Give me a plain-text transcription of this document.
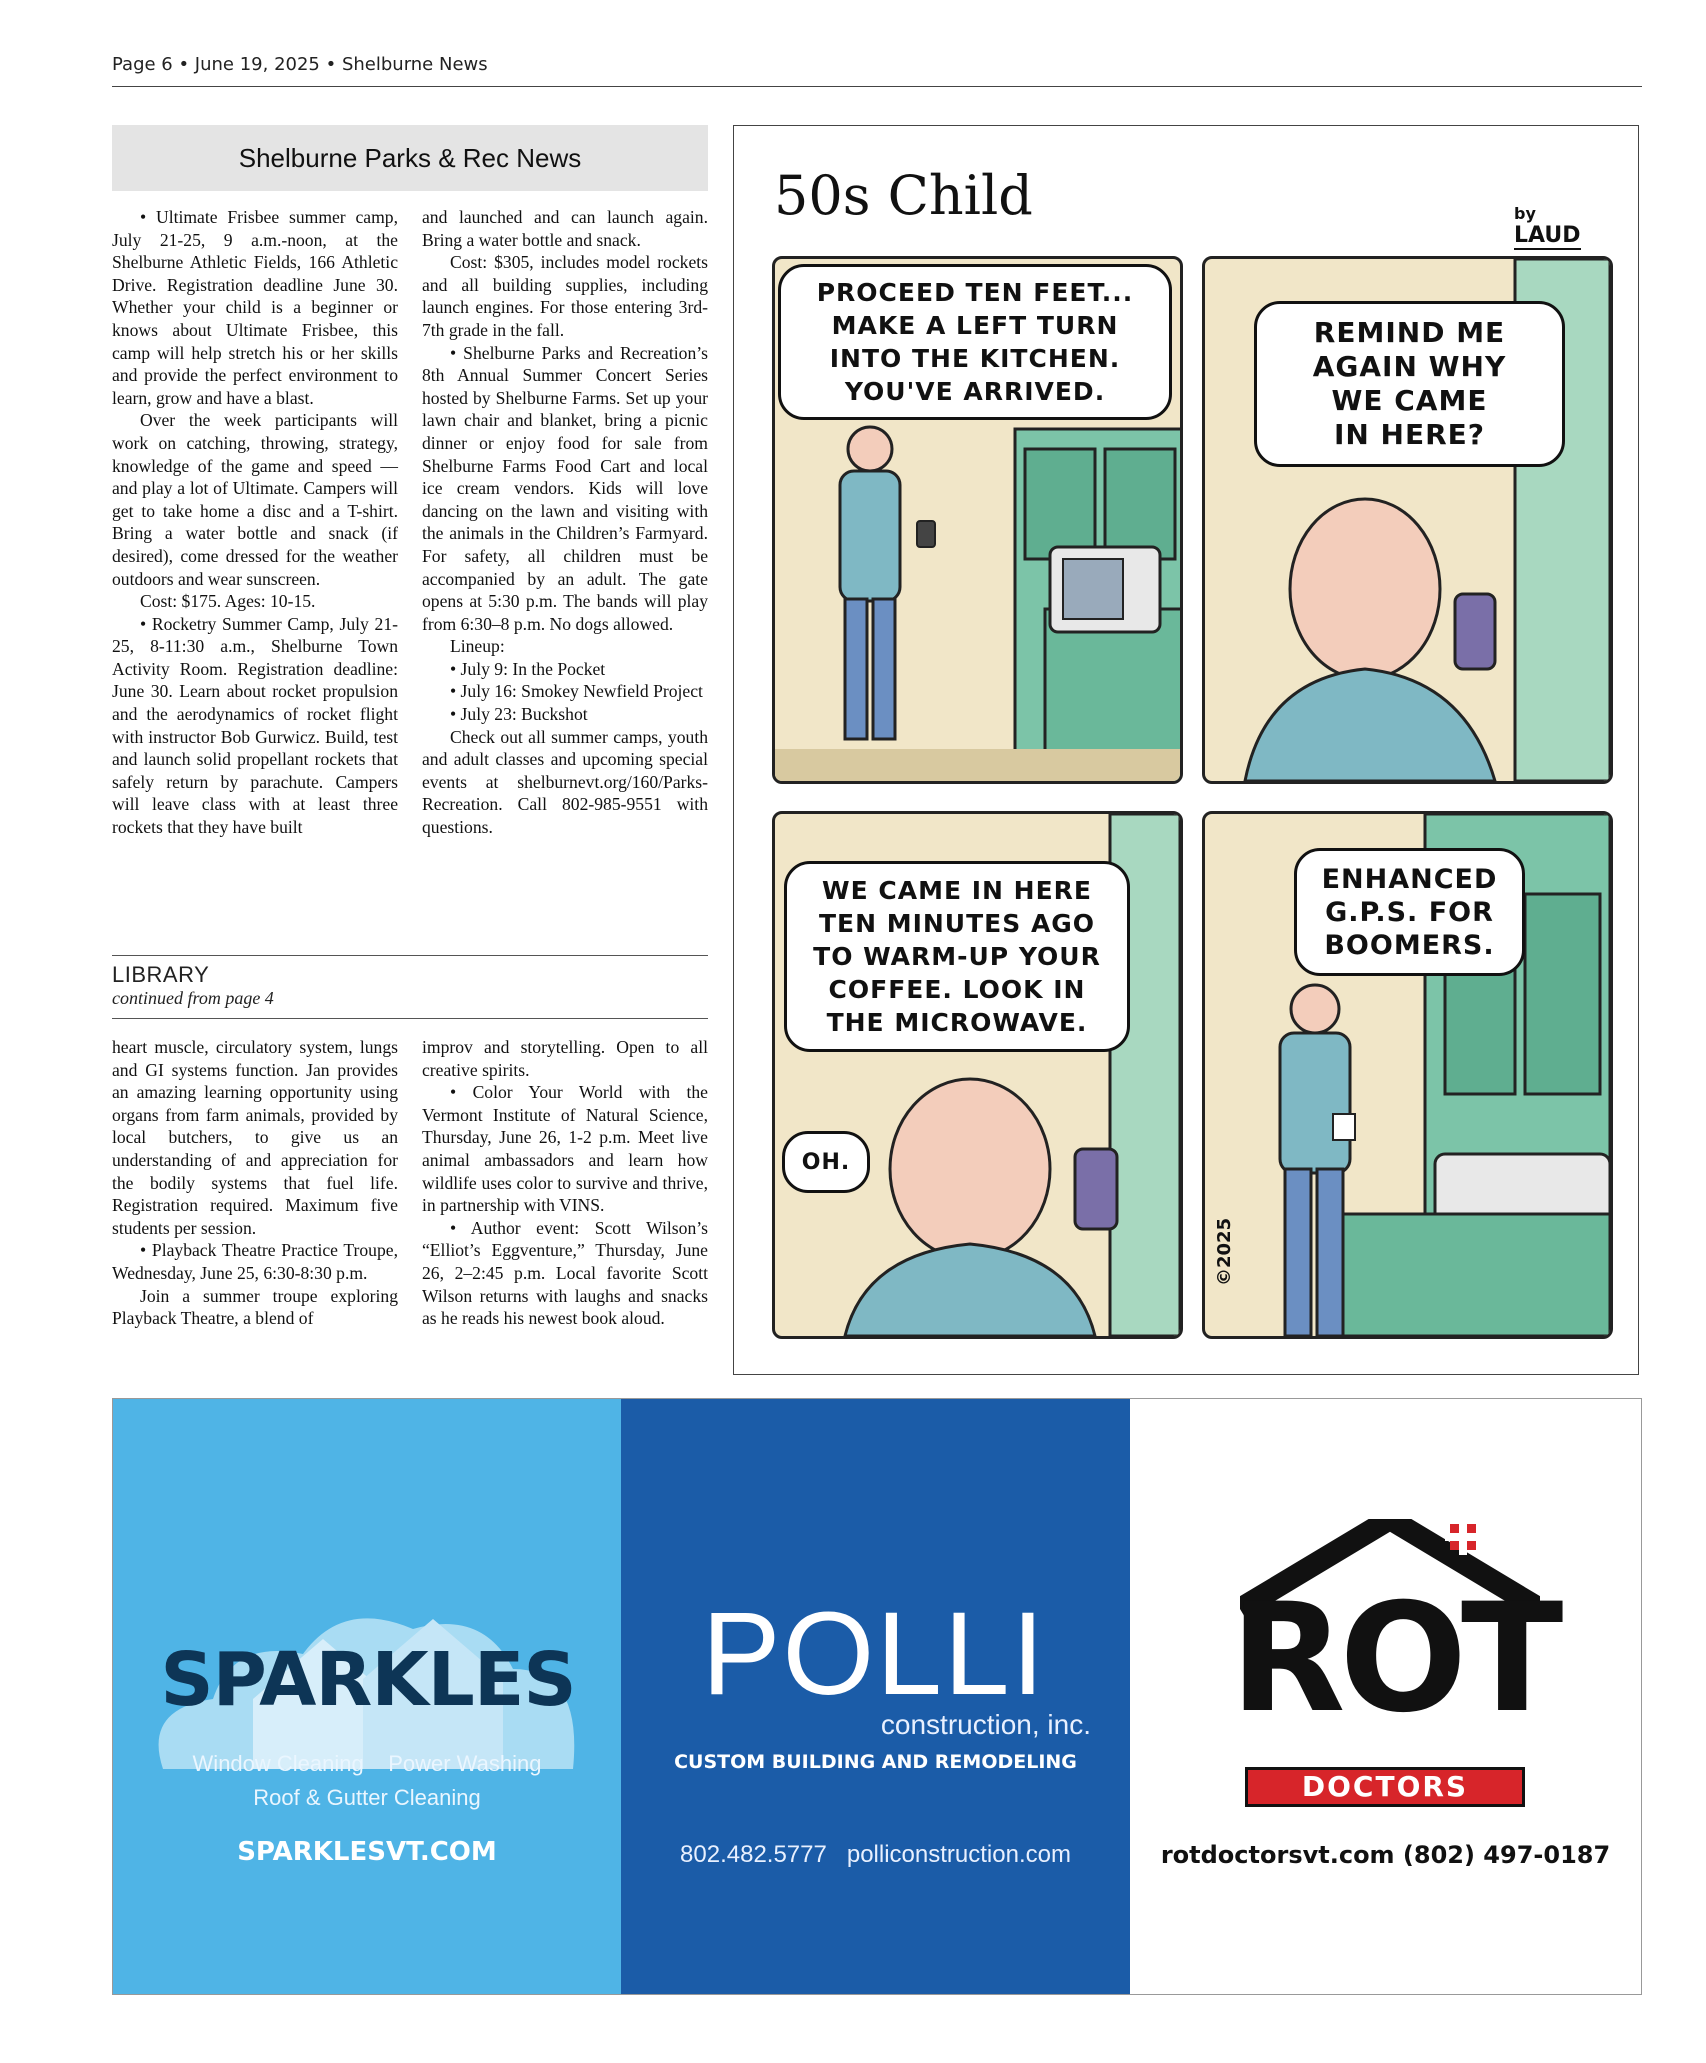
Page 6 • June 19, 2025 • Shelburne News
Shelburne Parks & Rec News

• Ultimate Frisbee summer camp, July 21-25, 9 a.m.-noon, at the Shelburne Athletic Fields, 166 Athletic Drive. Registration deadline June 30. Whether your child is a beginner or knows about Ultimate Frisbee, this camp will help stretch his or her skills and provide the perfect environment to learn, grow and have a blast.

Over the week participants will work on catching, throwing, strategy, knowledge of the game and speed — and play a lot of Ultimate. Campers will get to take home a disc and a T-shirt. Bring a water bottle and snack (if desired), come dressed for the weather outdoors and wear sunscreen.

Cost: $175. Ages: 10-15.

• Rocketry Summer Camp, July 21-25, 8-11:30 a.m., Shelburne Town Activity Room. Registration deadline: June 30. Learn about rocket propulsion and the aerodynamics of rocket flight with instructor Bob Gurwicz. Build, test and launch solid propellant rockets that safely return by parachute. Campers will leave class with at least three rockets that they have built

and launched and can launch again. Bring a water bottle and snack.

Cost: $305, includes model rockets and all building supplies, including launch engines. For those entering 3rd-7th grade in the fall.

• Shelburne Parks and Recreation’s 8th Annual Summer Concert Series hosted by Shelburne Farms. Set up your lawn chair and blanket, bring a picnic dinner or enjoy food for sale from Shelburne Farms Food Cart and local ice cream vendors. Kids will love dancing on the lawn and visiting with the animals in the Children’s Farmyard. For safety, all children must be accompanied by an adult. The gate opens at 5:30 p.m. The bands will play from 6:30–8 p.m. No dogs allowed.

Lineup:

• July 9: In the Pocket

• July 16: Smokey Newfield Project

• July 23: Buckshot

Check out all summer camps, youth and adult classes and upcoming special events at shelburnevt.org/160/Parks-Recreation. Call 802-985-9551 with questions.

LIBRARY
continued from page 4

heart muscle, circulatory system, lungs and GI systems function. Jan provides an amazing learning opportunity using organs from farm animals, provided by local butchers, to give us an understanding of and appreciation for the bodily systems that fuel life. Registration required. Maximum five students per session.

• Playback Theatre Practice Troupe, Wednesday, June 25, 6:30-8:30 p.m.

Join a summer troupe exploring Playback Theatre, a blend of

improv and storytelling. Open to all creative spirits.

• Color Your World with the Vermont Institute of Natural Science, Thursday, June 26, 1-2 p.m. Meet live animal ambassadors and learn how wildlife uses color to survive and thrive, in partnership with VINS.

• Author event: Scott Wilson’s “Elliot’s Eggventure,” Thursday, June 26, 2–2:45 p.m. Local favorite Scott Wilson returns with laughs and snacks as he reads his newest book aloud.

50s Child	by
LAUD
PROCEED TEN FEET...
MAKE A LEFT TURN
INTO THE KITCHEN.
YOU'VE ARRIVED.
REMIND ME
AGAIN WHY
WE CAME
IN HERE?
WE CAME IN HERE
TEN MINUTES AGO
TO WARM-UP YOUR
COFFEE. LOOK IN
THE MICROWAVE.
OH.
ENHANCED
G.P.S. FOR
BOOMERS.
©2025
SPARKLES
Window Cleaning Power Washing
Roof & Gutter Cleaning
SPARKLESVT.COM
POLLI
construction, inc.
CUSTOM BUILDING AND REMODELING
802.482.5777 polliconstruction.com
ROT
DOCTORS
rotdoctorsvt.com (802) 497-0187
